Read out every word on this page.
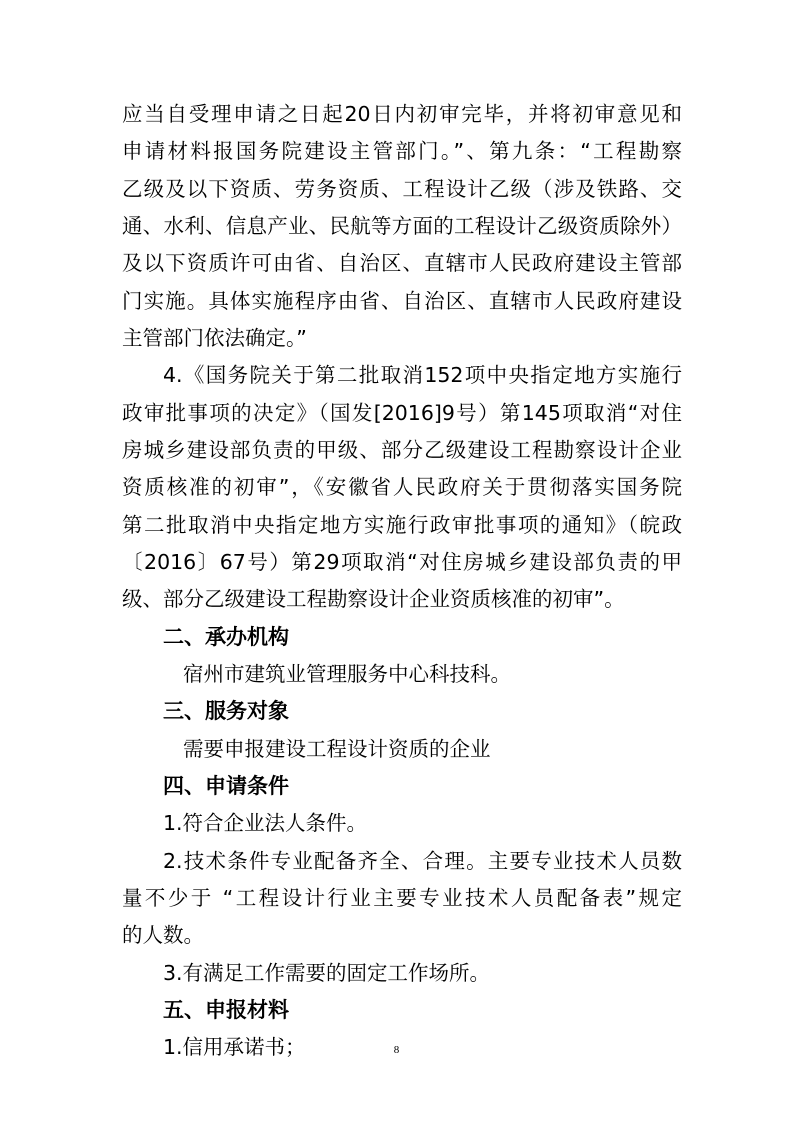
应当自受理申请之日起20日内初审完毕，并将初审意见和
申请材料报国务院建设主管部门。”、第九条：“工程勘察
乙级及以下资质、劳务资质、工程设计乙级（涉及铁路、交
通、水利、信息产业、民航等方面的工程设计乙级资质除外）
及以下资质许可由省、自治区、直辖市人民政府建设主管部
门实施。具体实施程序由省、自治区、直辖市人民政府建设
主管部门依法确定。”
4.《国务院关于第二批取消152项中央指定地方实施行
政审批事项的决定》（国发[2016]9号）第145项取消“对住
房城乡建设部负责的甲级、部分乙级建设工程勘察设计企业
资质核准的初审”，《安徽省人民政府关于贯彻落实国务院
第二批取消中央指定地方实施行政审批事项的通知》（皖政
〔2016〕67号）第29项取消“对住房城乡建设部负责的甲
级、部分乙级建设工程勘察设计企业资质核准的初审”。
二、承办机构
宿州市建筑业管理服务中心科技科。
三、服务对象
需要申报建设工程设计资质的企业
四、申请条件
1.符合企业法人条件。
2.技术条件专业配备齐全、合理。主要专业技术人员数
量不少于 “工程设计行业主要专业技术人员配备表”规定
的人数。
3.有满足工作需要的固定工作场所。
五、申报材料
1.信用承诺书；	8
